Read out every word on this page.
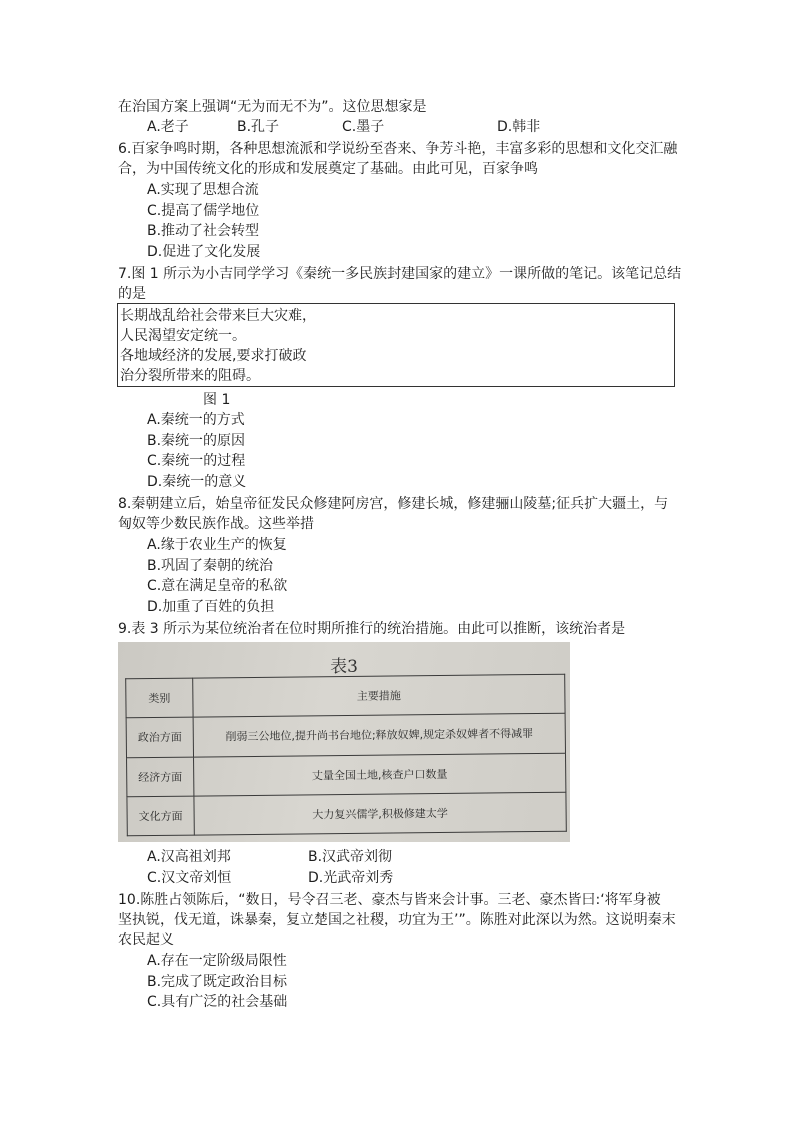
在治国方案上强调“无为而无不为”。这位思想家是
A.老子	B.孔子	C.墨子	D.韩非
6.百家争鸣时期，各种思想流派和学说纷至沓来、争芳斗艳，丰富多彩的思想和文化交汇融
合，为中国传统文化的形成和发展奠定了基础。由此可见，百家争鸣
A.实现了思想合流
C.提高了儒学地位
B.推动了社会转型
D.促进了文化发展
7.图 1 所示为小吉同学学习《秦统一多民族封建国家的建立》一课所做的笔记。该笔记总结
的是
长期战乱给社会带来巨大灾难，
人民渴望安定统一。
各地域经济的发展,要求打破政
治分裂所带来的阻碍。
图 1
A.秦统一的方式
B.秦统一的原因
C.秦统一的过程
D.秦统一的意义
8.秦朝建立后，始皇帝征发民众修建阿房宫，修建长城，修建骊山陵墓;征兵扩大疆土，与
匈奴等少数民族作战。这些举措
A.缘于农业生产的恢复
B.巩固了秦朝的统治
C.意在满足皇帝的私欲
D.加重了百姓的负担
9.表 3 所示为某位统治者在位时期所推行的统治措施。由此可以推断，该统治者是
表3
类别	主要措施
政治方面	削弱三公地位,提升尚书台地位;释放奴婢,规定杀奴婢者不得减罪
经济方面	丈量全国土地,核查户口数量
文化方面	大力复兴儒学,积极修建太学
A.汉高祖刘邦	B.汉武帝刘彻
C.汉文帝刘恒	D.光武帝刘秀
10.陈胜占领陈后，“数日，号令召三老、豪杰与皆来会计事。三老、豪杰皆曰:‘将军身被
坚执锐，伐无道，诛暴秦，复立楚国之社稷，功宜为王’”。陈胜对此深以为然。这说明秦末
农民起义
A.存在一定阶级局限性
B.完成了既定政治目标
C.具有广泛的社会基础
